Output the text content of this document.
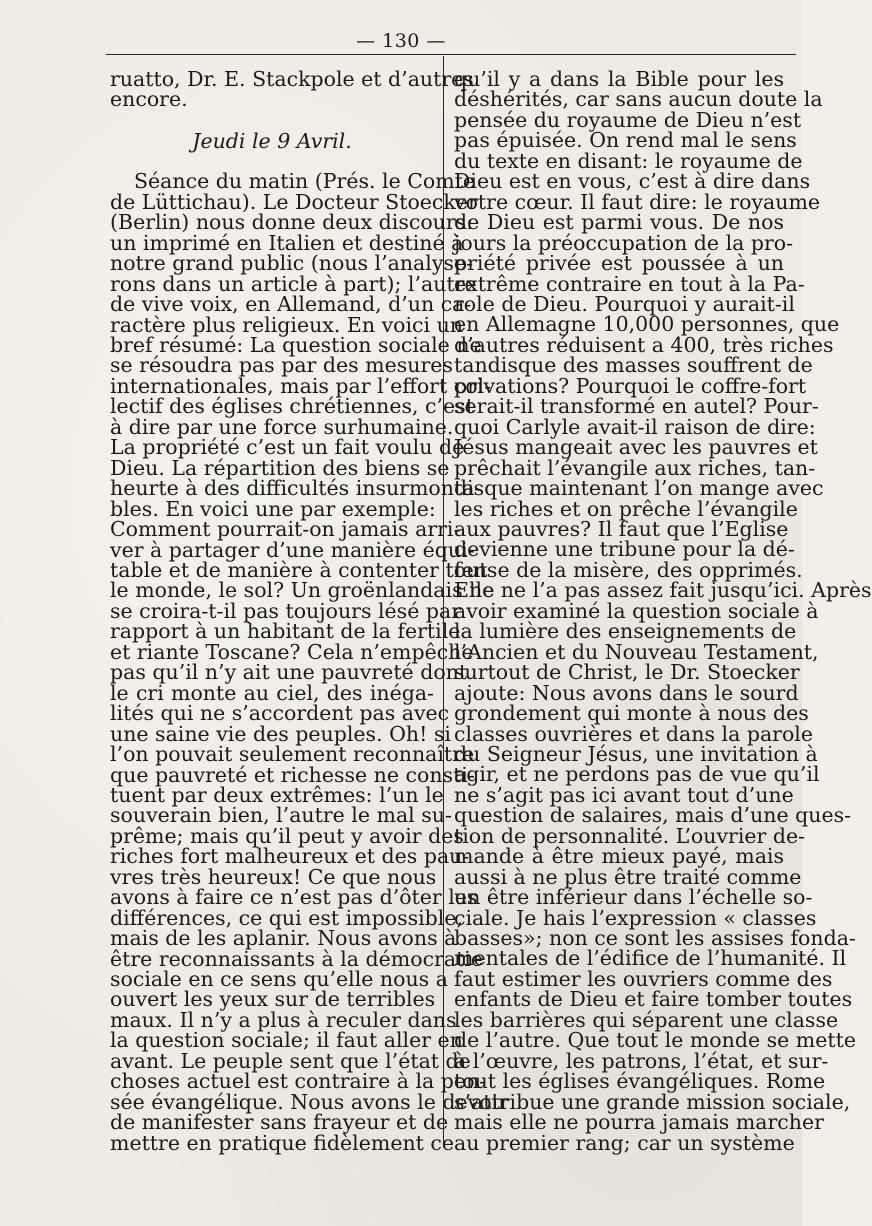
— 130 —
ruatto, Dr. E. Stackpole et d’autres
encore.
Jeudi le 9 Avril.
Séance du matin (Prés. le Comte
de Lüttichau). Le Docteur Stoecker
(Berlin) nous donne deux discours:
un imprimé en Italien et destiné à
notre grand public (nous l’analyse-
rons dans un article à part); l’autre
de vive voix, en Allemand, d’un ca-
ractère plus religieux. En voici un
bref résumé: La question sociale ne
se résoudra pas par des mesures
internationales, mais par l’effort col-
lectif des églises chrétiennes, c’est
à dire par une force surhumaine.
La propriété c’est un fait voulu de
Dieu. La répartition des biens se
heurte à des difficultés insurmonta-
bles. En voici une par exemple:
Comment pourrait-on jamais arri-
ver à partager d’une manière équi-
table et de manière à contenter tout
le monde, le sol? Un groënlandais ne
se croira-t-il pas toujours lésé par
rapport à un habitant de la fertile
et riante Toscane? Cela n’empêche
pas qu’il n’y ait une pauvreté dont
le cri monte au ciel, des inéga-
lités qui ne s’accordent pas avec
une saine vie des peuples. Oh! si
l’on pouvait seulement reconnaître
que pauvreté et richesse ne consti-
tuent par deux extrêmes: l’un le
souverain bien, l’autre le mal su-
prême; mais qu’il peut y avoir des
riches fort malheureux et des pau-
vres très heureux! Ce que nous
avons à faire ce n’est pas d’ôter les
différences, ce qui est impossible,
mais de les aplanir. Nous avons à
être reconnaissants à la démocratie
sociale en ce sens qu’elle nous a
ouvert les yeux sur de terribles
maux. Il n’y a plus à reculer dans
la question sociale; il faut aller en
avant. Le peuple sent que l’état de
choses actuel est contraire à la pen-
sée évangélique. Nous avons le devoir
de manifester sans frayeur et de
mettre en pratique fidèlement ce
qu’il y a dans la Bible pour les
déshérités, car sans aucun doute la
pensée du royaume de Dieu n’est
pas épuisée. On rend mal le sens
du texte en disant: le royaume de
Dieu est en vous, c’est à dire dans
votre cœur. Il faut dire: le royaume
de Dieu est parmi vous. De nos
jours la préoccupation de la pro-
priété privée est poussée à un
extrême contraire en tout à la Pa-
role de Dieu. Pourquoi y aurait-il
en Allemagne 10,000 personnes, que
d’autres réduisent a 400, très riches
tandisque des masses souffrent de
privations? Pourquoi le coffre-fort
serait-il transformé en autel? Pour-
quoi Carlyle avait-il raison de dire:
Jésus mangeait avec les pauvres et
prêchait l’évangile aux riches, tan-
disque maintenant l’on mange avec
les riches et on prêche l’évangile
aux pauvres? Il faut que l’Eglise
devienne une tribune pour la dé-
fense de la misère, des opprimés.
Elle ne l’a pas assez fait jusqu’ici. Après
avoir examiné la question sociale à
la lumière des enseignements de
l’Ancien et du Nouveau Testament,
surtout de Christ, le Dr. Stoecker
ajoute: Nous avons dans le sourd
grondement qui monte à nous des
classes ouvrières et dans la parole
du Seigneur Jésus, une invitation à
agir, et ne perdons pas de vue qu’il
ne s’agit pas ici avant tout d’une
question de salaires, mais d’une ques-
tion de personnalité. L’ouvrier de-
mande à être mieux payé, mais
aussi à ne plus être traité comme
un être inférieur dans l’échelle so-
ciale. Je hais l’expression « classes
basses»; non ce sont les assises fonda-
mentales de l’édifice de l’humanité. Il
faut estimer les ouvriers comme des
enfants de Dieu et faire tomber toutes
les barrières qui séparent une classe
de l’autre. Que tout le monde se mette
à l’œuvre, les patrons, l’état, et sur-
tout les églises évangéliques. Rome
s’attribue une grande mission sociale,
mais elle ne pourra jamais marcher
au premier rang; car un système
